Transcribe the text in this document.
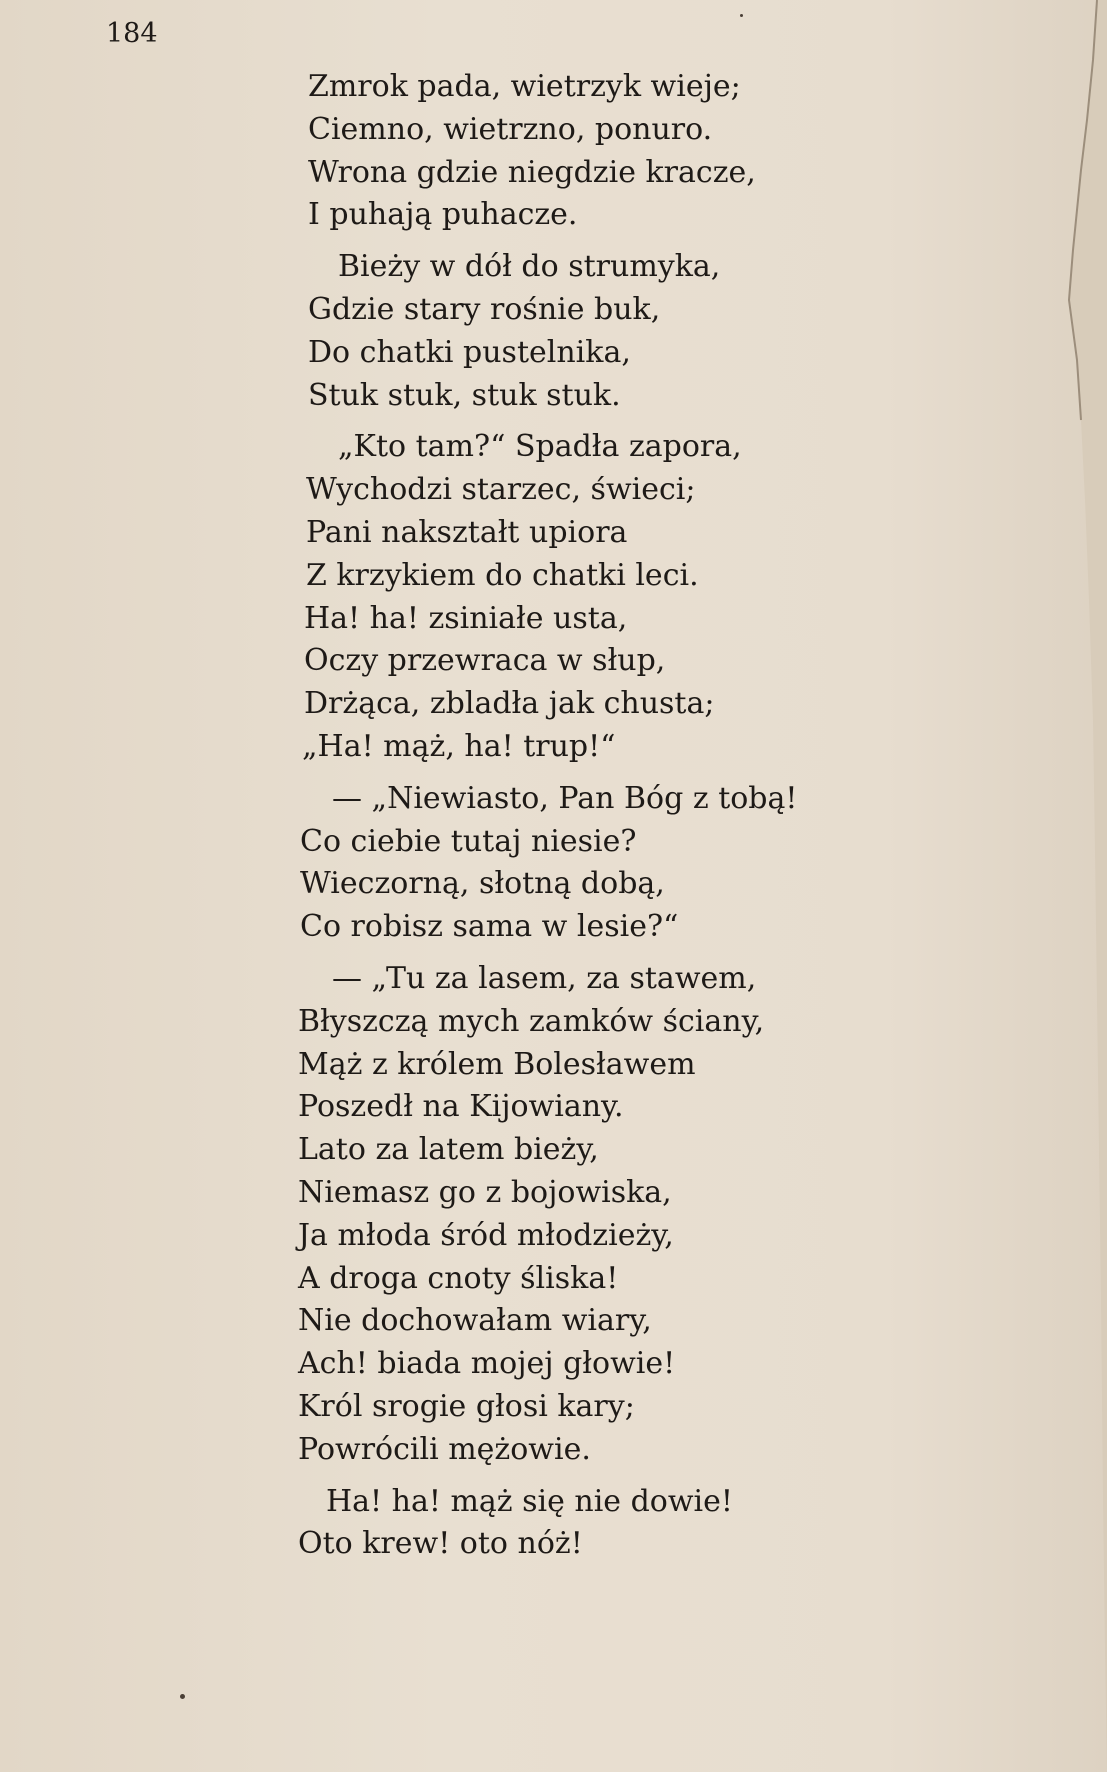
184
Zmrok pada, wietrzyk wieje;
Ciemno, wietrzno, ponuro.
Wrona gdzie niegdzie kracze,
I puhają puhacze.
Bieży w dół do strumyka,
Gdzie stary rośnie buk,
Do chatki pustelnika,
Stuk stuk, stuk stuk.
„Kto tam?“ Spadła zapora,
Wychodzi starzec, świeci;
Pani nakształt upiora
Z krzykiem do chatki leci.
Ha! ha! zsiniałe usta,
Oczy przewraca w słup,
Drżąca, zbladła jak chusta;
„Ha! mąż, ha! trup!“
— „Niewiasto, Pan Bóg z tobą!
Co ciebie tutaj niesie?
Wieczorną, słotną dobą,
Co robisz sama w lesie?“
— „Tu za lasem, za stawem,
Błyszczą mych zamków ściany,
Mąż z królem Bolesławem
Poszedł na Kijowiany.
Lato za latem bieży,
Niemasz go z bojowiska,
Ja młoda śród młodzieży,
A droga cnoty śliska!
Nie dochowałam wiary,
Ach! biada mojej głowie!
Król srogie głosi kary;
Powrócili mężowie.
Ha! ha! mąż się nie dowie!
Oto krew! oto nóż!
